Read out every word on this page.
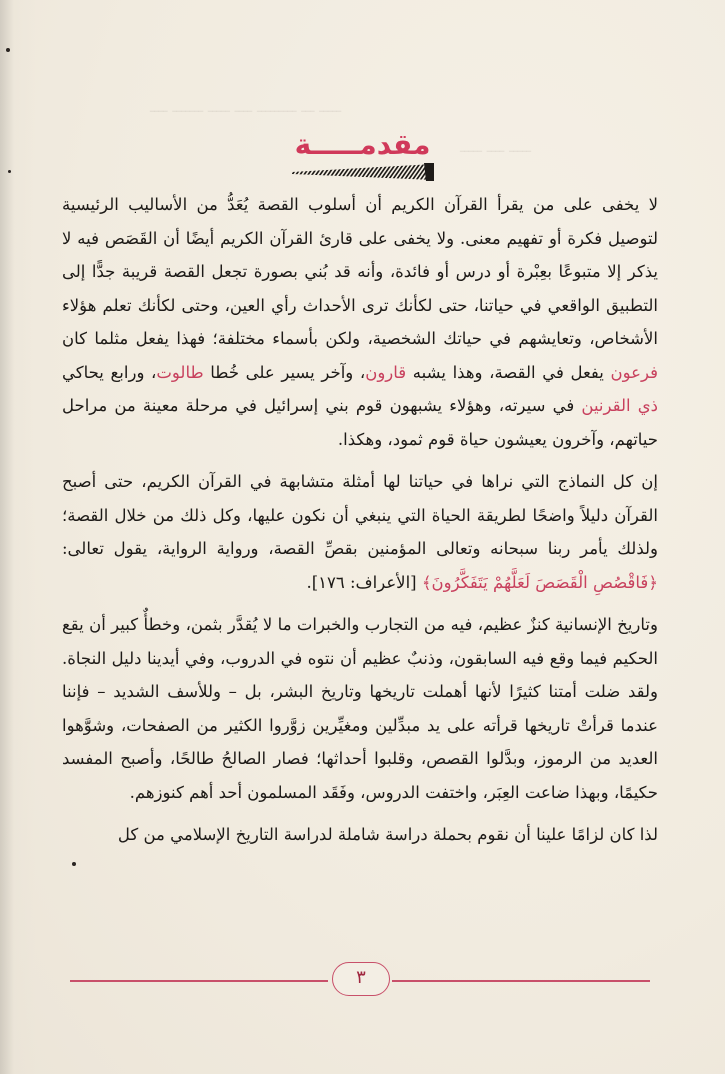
ـــــ ـــ ـــــــــ ــــ ـــــ ـــــــ ــــ
ـــــ ــــ ـــــ
مقدمـــــة

لا يخفى على من يقرأ القرآن الكريم أن أسلوب القصة يُعَدُّ من الأساليب الرئيسية لتوصيل فكرة أو تفهيم معنى. ولا يخفى على قارئ القرآن الكريم أيضًا أن القَصَص فيه لا يذكر إلا متبوعًا بعِبْرة أو درس أو فائدة، وأنه قد بُني بصورة تجعل القصة قريبة جدًّا إلى التطبيق الواقعي في حياتنا، حتى لكأنك ترى الأحداث رأي العين، وحتى لكأنك تعلم هؤلاء الأشخاص، وتعايشهم في حياتك الشخصية، ولكن بأسماء مختلفة؛ فهذا يفعل مثلما كان فرعون يفعل في القصة، وهذا يشبه قارون، وآخر يسير على خُطا طالوت، ورابع يحاكي ذي القرنين في سيرته، وهؤلاء يشبهون قوم بني إسرائيل في مرحلة معينة من مراحل حياتهم، وآخرون يعيشون حياة قوم ثمود، وهكذا.

إن كل النماذج التي نراها في حياتنا لها أمثلة متشابهة في القرآن الكريم، حتى أصبح القرآن دليلاً واضحًا لطريقة الحياة التي ينبغي أن نكون عليها، وكل ذلك من خلال القصة؛ ولذلك يأمر ربنا سبحانه وتعالى المؤمنين بقصِّ القصة، ورواية الرواية، يقول تعالى: ﴿فَاقْصُصِ الْقَصَصَ لَعَلَّهُمْ يَتَفَكَّرُونَ﴾ [الأعراف: ١٧٦].

وتاريخ الإنسانية كنزٌ عظيم، فيه من التجارب والخبرات ما لا يُقدَّر بثمن، وخطأٌ كبير أن يقع الحكيم فيما وقع فيه السابقون، وذنبٌ عظيم أن نتوه في الدروب، وفي أيدينا دليل النجاة. ولقد ضلت أمتنا كثيرًا لأنها أهملت تاريخها وتاريخ البشر، بل – وللأسف الشديد – فإننا عندما قرأتْ تاريخها قرأته على يد مبدِّلين ومغيِّرين زوَّروا الكثير من الصفحات، وشوَّهوا العديد من الرموز، وبدَّلوا القصص، وقلبوا أحداثها؛ فصار الصالحُ طالحًا، وأصبح المفسد حكيمًا، وبهذا ضاعت العِبَر، واختفت الدروس، وفَقَد المسلمون أحد أهم كنوزهم.

لذا كان لزامًا علينا أن نقوم بحملة دراسة شاملة لدراسة التاريخ الإسلامي من كل

٣
